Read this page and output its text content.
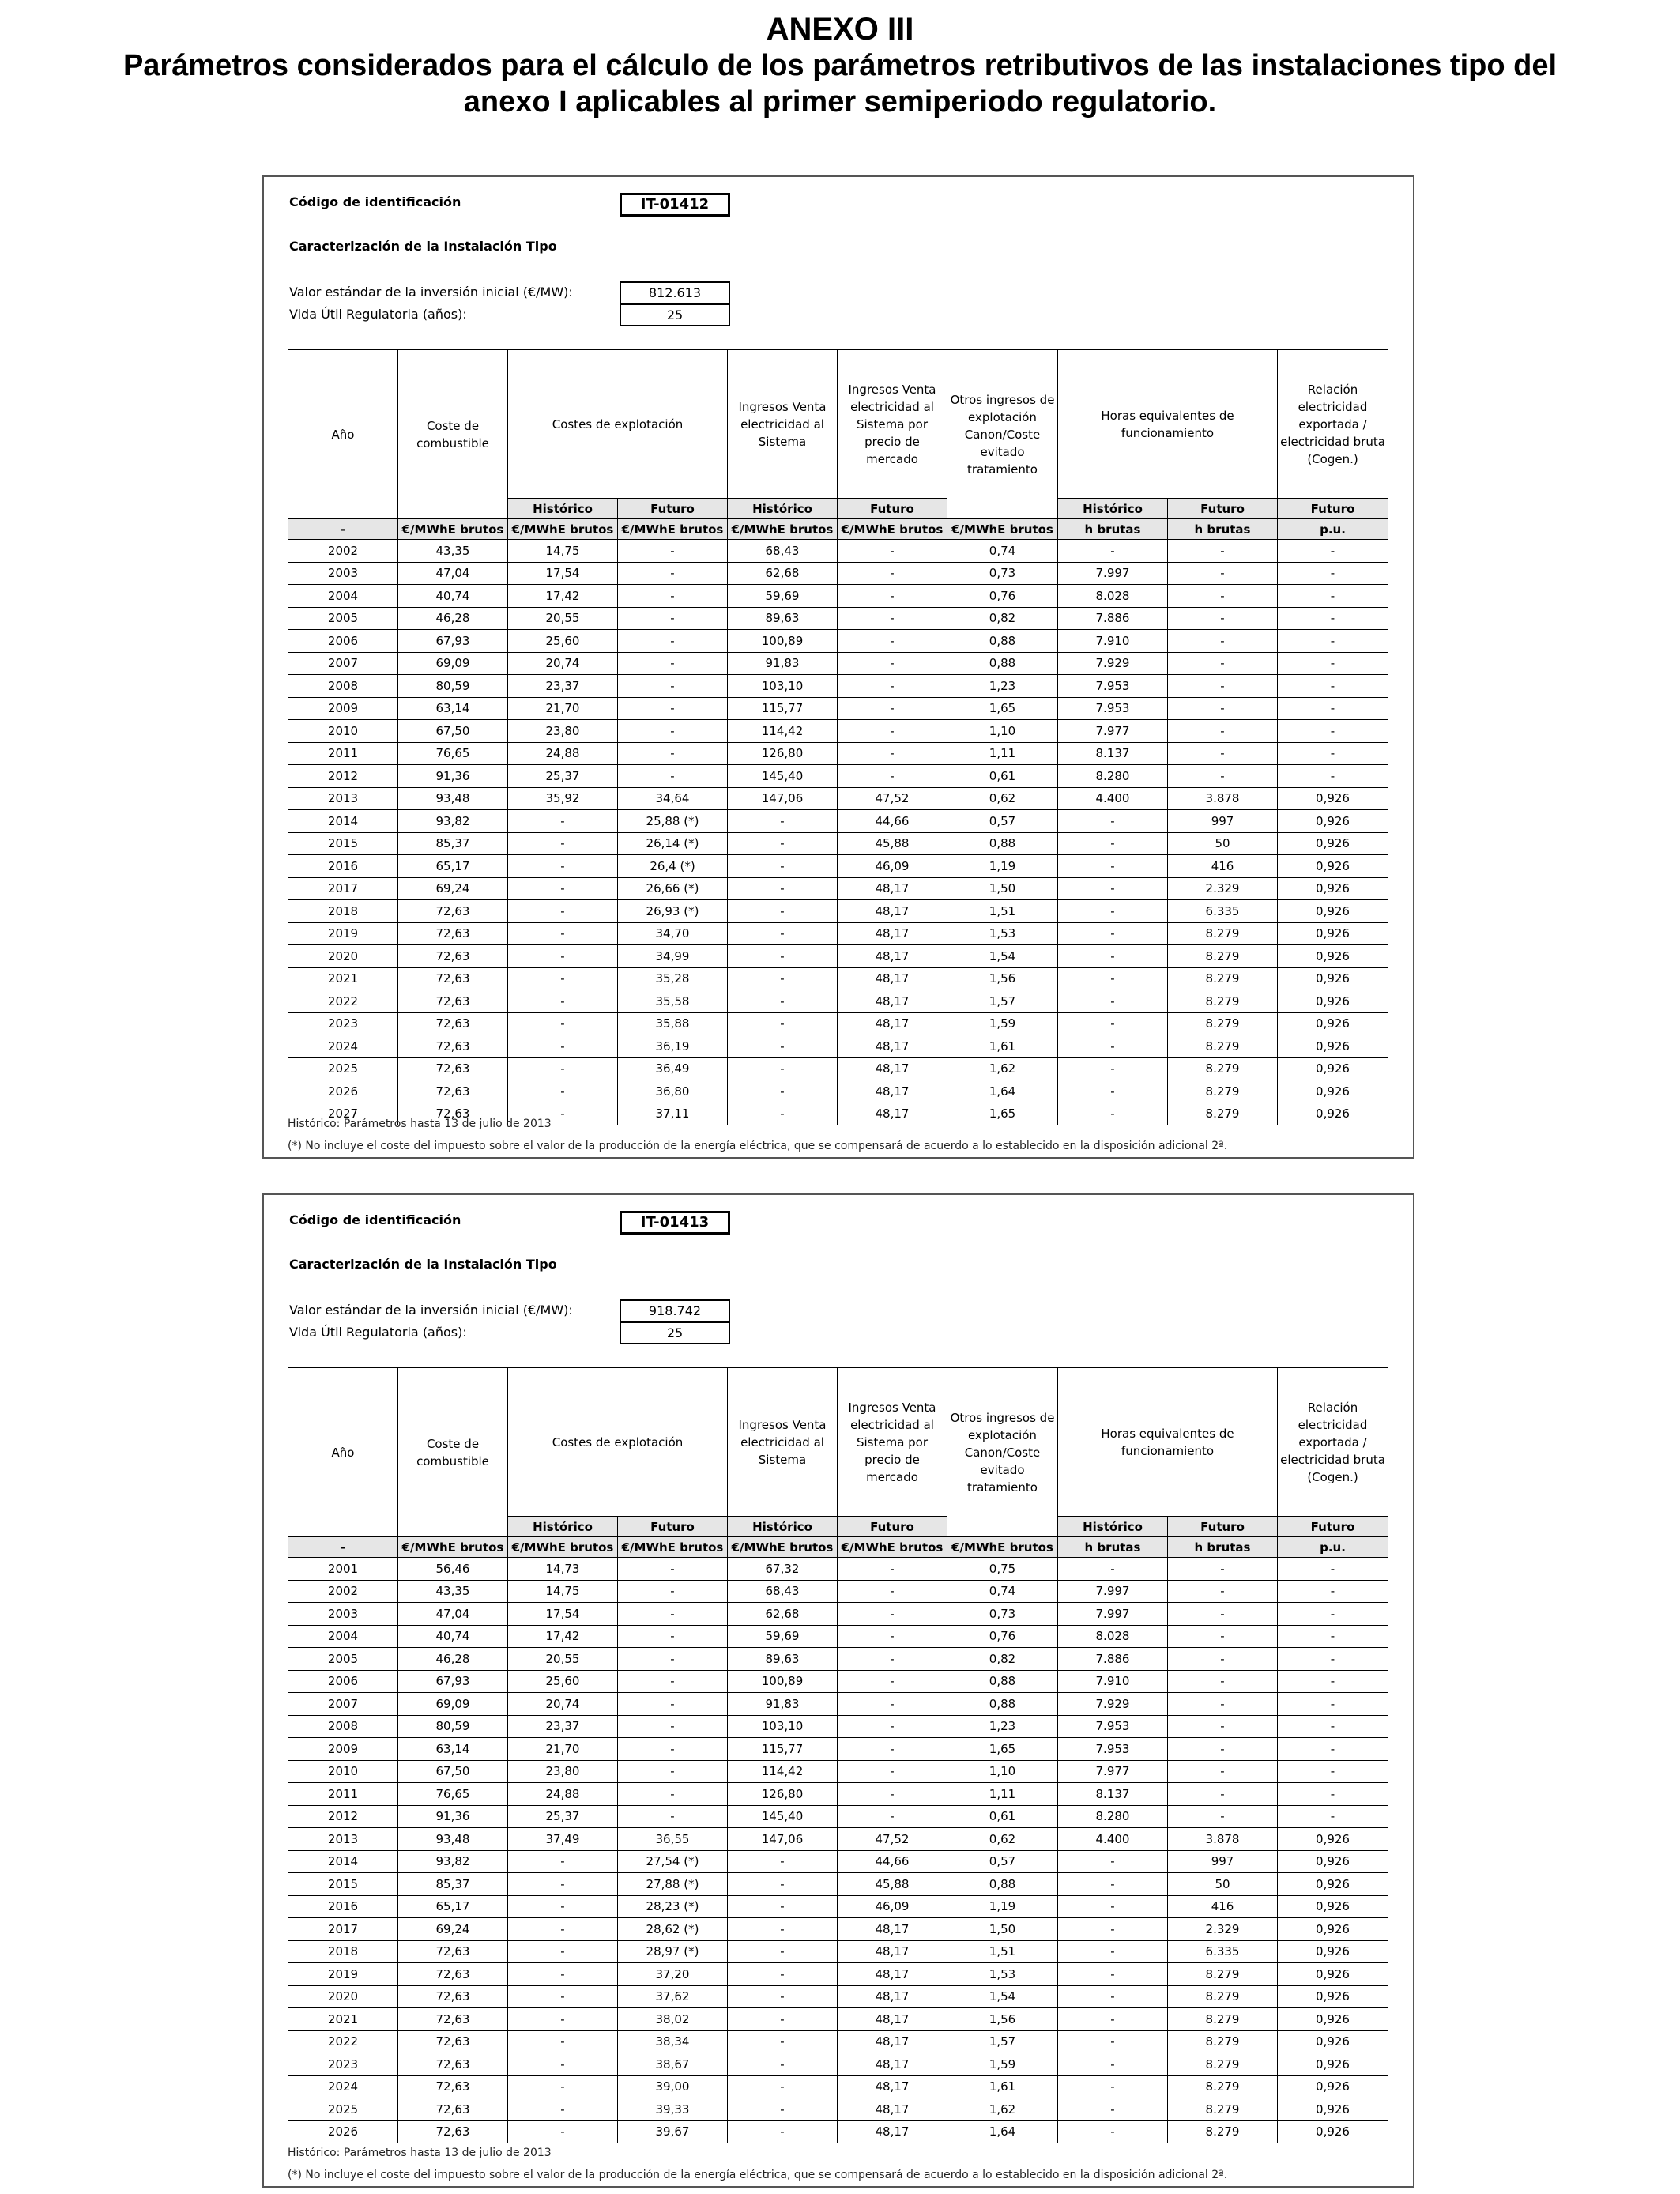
ANEXO III
Parámetros considerados para el cálculo de los parámetros retributivos de las instalaciones tipo del anexo I aplicables al primer semiperiodo regulatorio.
Código de identificación	IT-01412
Caracterización de la Instalación Tipo
Valor estándar de la inversión inicial (€/MW):	812.613
Vida Útil Regulatoria (años):	25
Año	Coste de combustible	Costes de explotación		Ingresos Venta electricidad al Sistema	Ingresos Venta electricidad al Sistema por precio de mercado	Otros ingresos de explotación Canon/Coste evitado tratamiento	Horas equivalentes de funcionamiento		Relación electricidad exportada / electricidad bruta (Cogen.)
		Histórico	Futuro	Histórico	Futuro		Histórico	Futuro	Futuro
-	€/MWhE brutos	€/MWhE brutos	€/MWhE brutos	€/MWhE brutos	€/MWhE brutos	€/MWhE brutos	h brutas	h brutas	p.u.
2002	43,35	14,75	-	68,43	-	0,74	-	-	-
2003	47,04	17,54	-	62,68	-	0,73	7.997	-	-
2004	40,74	17,42	-	59,69	-	0,76	8.028	-	-
2005	46,28	20,55	-	89,63	-	0,82	7.886	-	-
2006	67,93	25,60	-	100,89	-	0,88	7.910	-	-
2007	69,09	20,74	-	91,83	-	0,88	7.929	-	-
2008	80,59	23,37	-	103,10	-	1,23	7.953	-	-
2009	63,14	21,70	-	115,77	-	1,65	7.953	-	-
2010	67,50	23,80	-	114,42	-	1,10	7.977	-	-
2011	76,65	24,88	-	126,80	-	1,11	8.137	-	-
2012	91,36	25,37	-	145,40	-	0,61	8.280	-	-
2013	93,48	35,92	34,64	147,06	47,52	0,62	4.400	3.878	0,926
2014	93,82	-	25,88 (*)	-	44,66	0,57	-	997	0,926
2015	85,37	-	26,14 (*)	-	45,88	0,88	-	50	0,926
2016	65,17	-	26,4 (*)	-	46,09	1,19	-	416	0,926
2017	69,24	-	26,66 (*)	-	48,17	1,50	-	2.329	0,926
2018	72,63	-	26,93 (*)	-	48,17	1,51	-	6.335	0,926
2019	72,63	-	34,70	-	48,17	1,53	-	8.279	0,926
2020	72,63	-	34,99	-	48,17	1,54	-	8.279	0,926
2021	72,63	-	35,28	-	48,17	1,56	-	8.279	0,926
2022	72,63	-	35,58	-	48,17	1,57	-	8.279	0,926
2023	72,63	-	35,88	-	48,17	1,59	-	8.279	0,926
2024	72,63	-	36,19	-	48,17	1,61	-	8.279	0,926
2025	72,63	-	36,49	-	48,17	1,62	-	8.279	0,926
2026	72,63	-	36,80	-	48,17	1,64	-	8.279	0,926
2027	72,63	-	37,11	-	48,17	1,65	-	8.279	0,926
Histórico: Parámetros hasta 13 de julio de 2013
(*) No incluye el coste del impuesto sobre el valor de la producción de la energía eléctrica, que se compensará de acuerdo a lo establecido en la disposición adicional 2ª.
Código de identificación	IT-01413
Caracterización de la Instalación Tipo
Valor estándar de la inversión inicial (€/MW):	918.742
Vida Útil Regulatoria (años):	25
Año	Coste de combustible	Costes de explotación		Ingresos Venta electricidad al Sistema	Ingresos Venta electricidad al Sistema por precio de mercado	Otros ingresos de explotación Canon/Coste evitado tratamiento	Horas equivalentes de funcionamiento		Relación electricidad exportada / electricidad bruta (Cogen.)
		Histórico	Futuro	Histórico	Futuro		Histórico	Futuro	Futuro
-	€/MWhE brutos	€/MWhE brutos	€/MWhE brutos	€/MWhE brutos	€/MWhE brutos	€/MWhE brutos	h brutas	h brutas	p.u.
2001	56,46	14,73	-	67,32	-	0,75	-	-	-
2002	43,35	14,75	-	68,43	-	0,74	7.997	-	-
2003	47,04	17,54	-	62,68	-	0,73	7.997	-	-
2004	40,74	17,42	-	59,69	-	0,76	8.028	-	-
2005	46,28	20,55	-	89,63	-	0,82	7.886	-	-
2006	67,93	25,60	-	100,89	-	0,88	7.910	-	-
2007	69,09	20,74	-	91,83	-	0,88	7.929	-	-
2008	80,59	23,37	-	103,10	-	1,23	7.953	-	-
2009	63,14	21,70	-	115,77	-	1,65	7.953	-	-
2010	67,50	23,80	-	114,42	-	1,10	7.977	-	-
2011	76,65	24,88	-	126,80	-	1,11	8.137	-	-
2012	91,36	25,37	-	145,40	-	0,61	8.280	-	-
2013	93,48	37,49	36,55	147,06	47,52	0,62	4.400	3.878	0,926
2014	93,82	-	27,54 (*)	-	44,66	0,57	-	997	0,926
2015	85,37	-	27,88 (*)	-	45,88	0,88	-	50	0,926
2016	65,17	-	28,23 (*)	-	46,09	1,19	-	416	0,926
2017	69,24	-	28,62 (*)	-	48,17	1,50	-	2.329	0,926
2018	72,63	-	28,97 (*)	-	48,17	1,51	-	6.335	0,926
2019	72,63	-	37,20	-	48,17	1,53	-	8.279	0,926
2020	72,63	-	37,62	-	48,17	1,54	-	8.279	0,926
2021	72,63	-	38,02	-	48,17	1,56	-	8.279	0,926
2022	72,63	-	38,34	-	48,17	1,57	-	8.279	0,926
2023	72,63	-	38,67	-	48,17	1,59	-	8.279	0,926
2024	72,63	-	39,00	-	48,17	1,61	-	8.279	0,926
2025	72,63	-	39,33	-	48,17	1,62	-	8.279	0,926
2026	72,63	-	39,67	-	48,17	1,64	-	8.279	0,926
Histórico: Parámetros hasta 13 de julio de 2013
(*) No incluye el coste del impuesto sobre el valor de la producción de la energía eléctrica, que se compensará de acuerdo a lo establecido en la disposición adicional 2ª.
